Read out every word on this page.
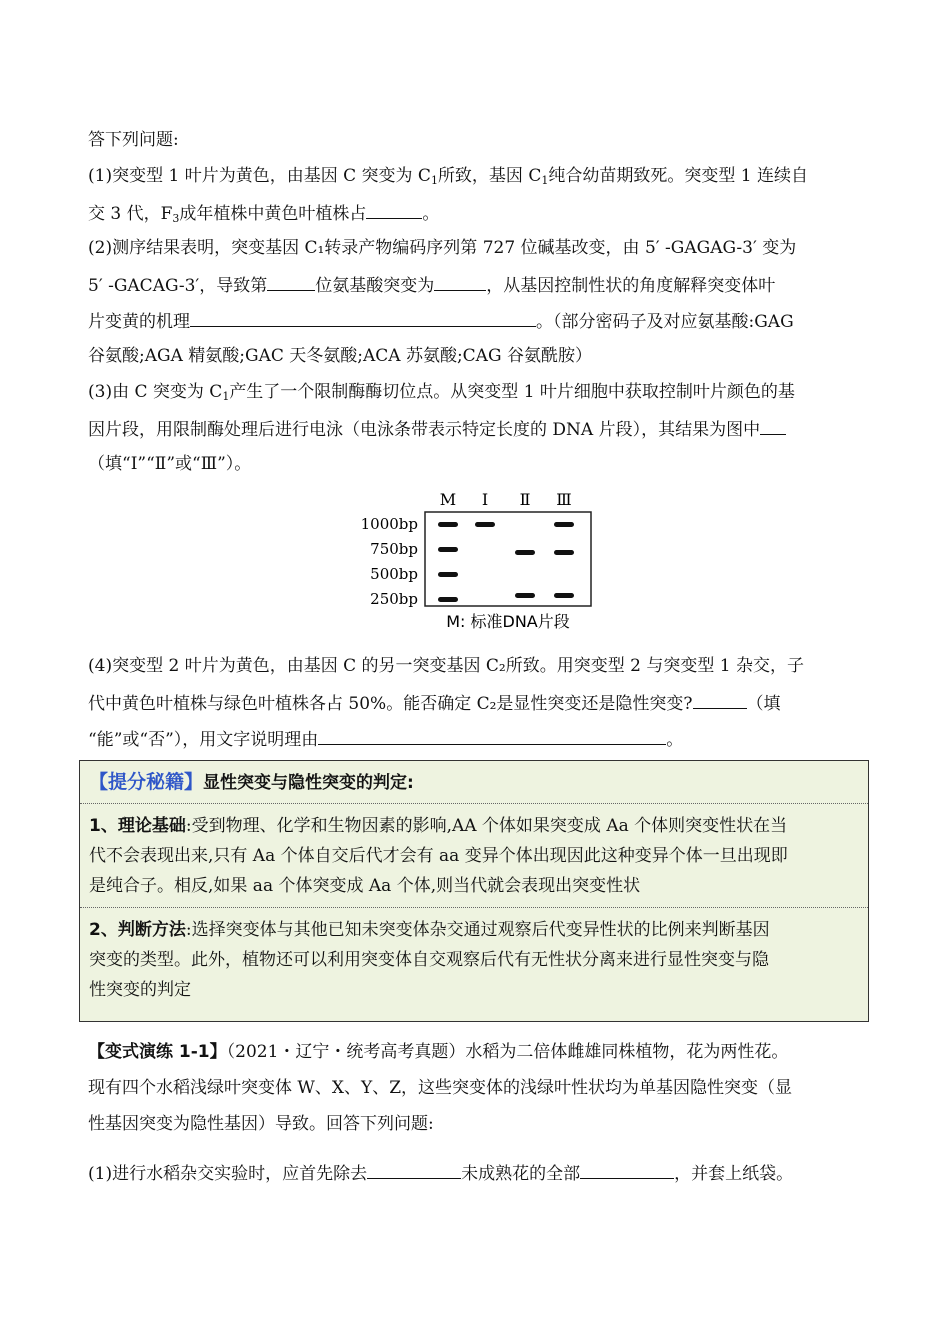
答下列问题:
(1)突变型 1 叶片为黄色，由基因 C 突变为 $C_1$所致，基因 $C_1$纯合幼苗期致死。突变型 1 连续自
交 3 代，$F_3$成年植株中黄色叶植株占	。
(2)测序结果表明，突变基因 C₁转录产物编码序列第 727 位碱基改变，由 5′ -GAGAG-3′ 变为
5′ -GACAG-3′，导致第	位氨基酸突变为	，从基因控制性状的角度解释突变体叶
片变黄的机理	。（部分密码子及对应氨基酸:GAG
谷氨酸;AGA 精氨酸;GAC 天冬氨酸;ACA 苏氨酸;CAG 谷氨酰胺）
(3)由 C 突变为 $C_1$产生了一个限制酶酶切位点。从突变型 1 叶片细胞中获取控制叶片颜色的基
因片段，用限制酶处理后进行电泳（电泳条带表示特定长度的 DNA 片段），其结果为图中
（填“I”“Ⅱ”或“Ⅲ”）。
M I Ⅱ Ⅲ
1000bp
750bp
500bp
250bp
M: 标准DNA片段
(4)突变型 2 叶片为黄色，由基因 C 的另一突变基因 C₂所致。用突变型 2 与突变型 1 杂交，子
代中黄色叶植株与绿色叶植株各占 50%。能否确定 C₂是显性突变还是隐性突变?	（填
“能”或“否”），用文字说明理由	。
【提分秘籍】显性突变与隐性突变的判定:
1、理论基础:受到物理、化学和生物因素的影响,AA 个体如果突变成 Aa 个体则突变性状在当
代不会表现出来,只有 Aa 个体自交后代才会有 aa 变异个体出现因此这种变异个体一旦出现即
是纯合子。相反,如果 aa 个体突变成 Aa 个体,则当代就会表现出突变性状
2、判断方法:选择突变体与其他已知未突变体杂交通过观察后代变异性状的比例来判断基因
突变的类型。此外，植物还可以利用突变体自交观察后代有无性状分离来进行显性突变与隐
性突变的判定
【变式演练 1-1】（2021・辽宁・统考高考真题）水稻为二倍体雌雄同株植物，花为两性花。
现有四个水稻浅绿叶突变体 W、X、Y、Z，这些突变体的浅绿叶性状均为单基因隐性突变（显
性基因突变为隐性基因）导致。回答下列问题:
(1)进行水稻杂交实验时，应首先除去	未成熟花的全部	，并套上纸袋。
